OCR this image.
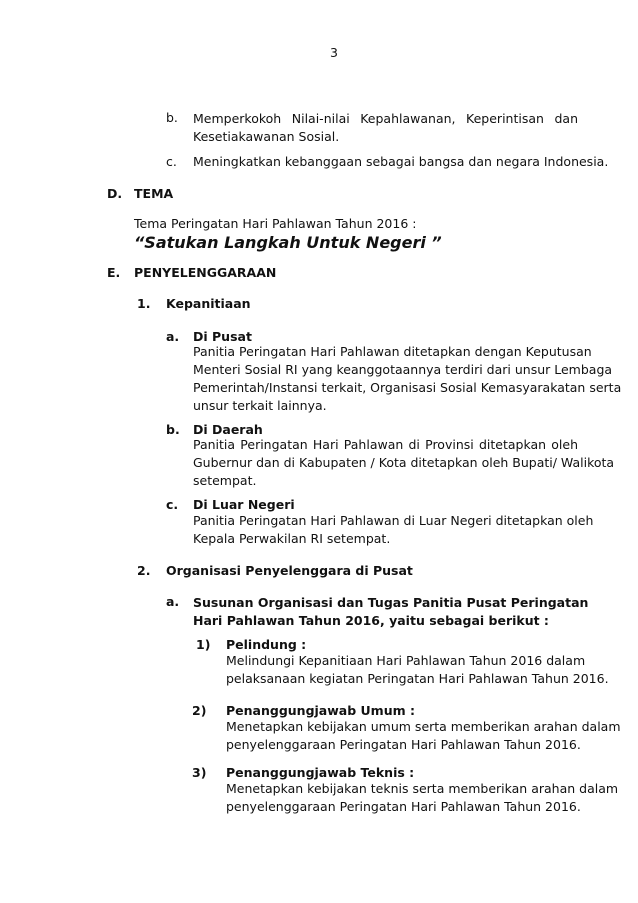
3
b. Memperkokoh Nilai-nilai Kepahlawanan, Keperintisan dan
Kesetiakawanan Sosial.
c. Meningkatkan kebanggaan sebagai bangsa dan negara Indonesia.
D. TEMA
Tema Peringatan Hari Pahlawan Tahun 2016 :
“Satukan Langkah Untuk Negeri ”
E. PENYELENGGARAAN
1. Kepanitiaan
a. Di Pusat
Panitia Peringatan Hari Pahlawan ditetapkan dengan Keputusan
Menteri Sosial RI yang keanggotaannya terdiri dari unsur Lembaga
Pemerintah/Instansi terkait, Organisasi Sosial Kemasyarakatan serta
unsur terkait lainnya.
b. Di Daerah
Panitia Peringatan Hari Pahlawan di Provinsi ditetapkan oleh
Gubernur dan di Kabupaten / Kota ditetapkan oleh Bupati/ Walikota
setempat.
c. Di Luar Negeri
Panitia Peringatan Hari Pahlawan di Luar Negeri ditetapkan oleh
Kepala Perwakilan RI setempat.
2. Organisasi Penyelenggara di Pusat
a. Susunan Organisasi dan Tugas Panitia Pusat Peringatan
Hari Pahlawan Tahun 2016, yaitu sebagai berikut :
1) Pelindung :
Melindungi Kepanitiaan Hari Pahlawan Tahun 2016 dalam
pelaksanaan kegiatan Peringatan Hari Pahlawan Tahun 2016.
2) Penanggungjawab Umum :
Menetapkan kebijakan umum serta memberikan arahan dalam
penyelenggaraan Peringatan Hari Pahlawan Tahun 2016.
3) Penanggungjawab Teknis :
Menetapkan kebijakan teknis serta memberikan arahan dalam
penyelenggaraan Peringatan Hari Pahlawan Tahun 2016.
